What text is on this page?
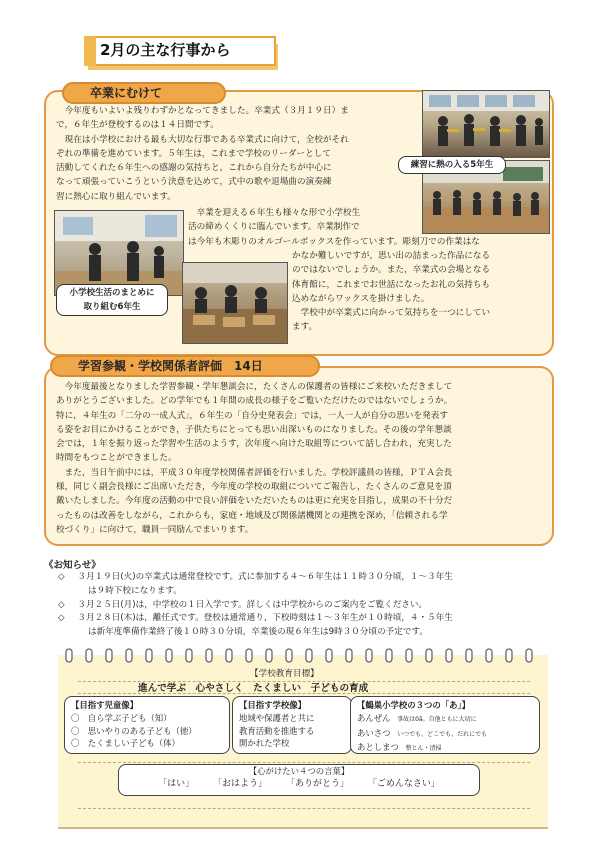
2月の主な行事から
卒業にむけて

　今年度もいよいよ残りわずかとなってきました。卒業式（３月１９日）ま

で，６年生が登校するのは１４日間です。

　現在は小学校における最も大切な行事である卒業式に向けて，全校がそれ

ぞれの準備を進めています。５年生は，これまで学校のリーダーとして

活動してくれた６年生への感謝の気持ちと，これから自分たちが中心に

なって頑張っていこうという決意を込めて，式中の歌や退場曲の演奏練

習に熱心に取り組んでいます。

練習に熱の入る5年生
小学校生活のまとめに
取り組む6年生

　卒業を迎える６年生も様々な形で小学校生

活の締めくくりに臨んでいます。卒業制作で

は今年も木彫りのオルゴールボックスを作っています。彫刻刀での作業はな

かなか難しいですが，思い出の詰まった作品になる

のではないでしょうか。また，卒業式の会場となる

体育館に，これまでお世話になったお礼の気持ちも

込めながらワックスを掛けました。

　学校中が卒業式に向かって気持ちを一つにしてい

ます。

学習参観・学校関係者評価　14日

　今年度最後となりました学習参観・学年懇談会に，たくさんの保護者の皆様にご来校いただきまして

ありがとうございました。どの学年でも１年間の成長の様子をご覧いただけたのではないでしょうか。

特に，４年生の「二分の一成人式」，６年生の「自分史発表会」では，一人一人が自分の思いを発表す

る姿をお目にかけることができ，子供たちにとっても思い出深いものになりました。その後の学年懇談

会では，１年を振り返った学習や生活のようす，次年度へ向けた取組等について話し合われ，充実した

時間をもつことができました。

　また，当日午前中には，平成３０年度学校関係者評価を行いました。学校評議員の皆様，ＰＴＡ会長

様，同じく副会長様にご出席いただき，今年度の学校の取組についてご報告し，たくさんのご意見を頂

戴いたしました。今年度の活動の中で良い評価をいただいたものは更に充実を目指し，成果の不十分だ

ったものは改善をしながら，これからも，家庭・地域及び関係諸機関との連携を深め，「信頼される学

校づくり」に向けて，職員一同励んでまいります。

《お知らせ》
◇ ３月１９日(火)の卒業式は通常登校です。式に参加する４～６年生は１１時３０分頃，１～３年生
は９時下校になります。
◇ ３月２５日(月)は，中学校の１日入学です。詳しくは中学校からのご案内をご覧ください。
◇ ３月２８日(木)は，離任式です。登校は通常通り，下校時刻は１～３年生が１０時頃，４・５年生
は新年度準備作業終了後１０時３０分頃，卒業後の現６年生は9時３０分頃の予定です。
【学校教育目標】
進んで学ぶ　心やさしく　たくましい　子どもの育成
【目指す児童像】
〇　自ら学ぶ子ども（知）
〇　思いやりのある子ども（徳）
〇　たくましい子ども（体）
【目指す学校像】
地域や保護者と共に
教育活動を推進する
開かれた学校
【鶴巣小学校の３つの「あ」】
あんぜん 事故は0ã。自他ともに大切に
あいさつ いつでも、どこでも、だれにでも
あとしまつ 整とん・清掃
【心がけたい４つの言葉】
「はい」 「おはよう」 「ありがとう」 「ごめんなさい」
